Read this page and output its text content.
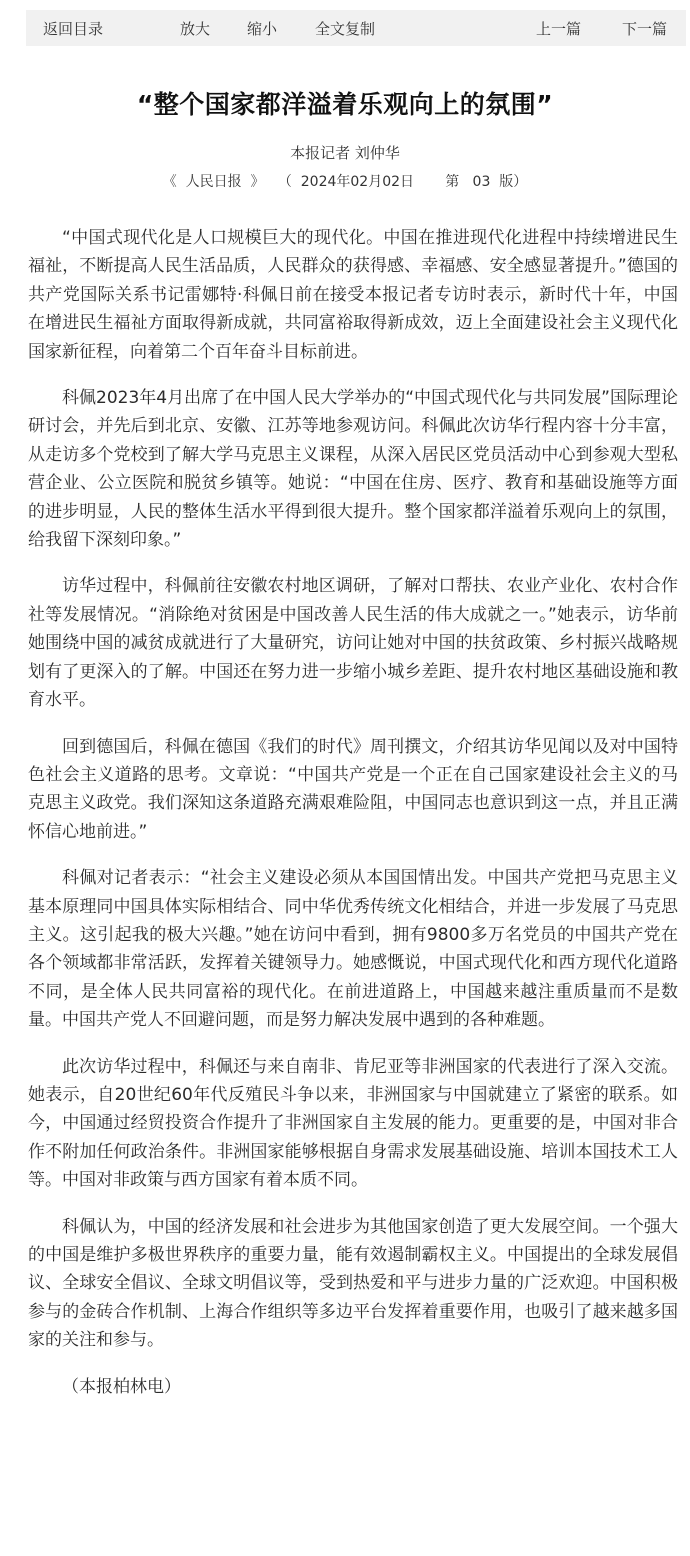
返回目录	放大 缩小	全文复制	上一篇	下一篇
“整个国家都洋溢着乐观向上的氛围”
本报记者 刘仲华
《  人民日报  》 （  2024年02月02日 第   03  版）

“中国式现代化是人口规模巨大的现代化。中国在推进现代化进程中持续增进民生福祉，不断提高人民生活品质，人民群众的获得感、幸福感、安全感显著提升。”德国的共产党国际关系书记雷娜特·科佩日前在接受本报记者专访时表示，新时代十年，中国在增进民生福祉方面取得新成就，共同富裕取得新成效，迈上全面建设社会主义现代化国家新征程，向着第二个百年奋斗目标前进。

科佩2023年4月出席了在中国人民大学举办的“中国式现代化与共同发展”国际理论研讨会，并先后到北京、安徽、江苏等地参观访问。科佩此次访华行程内容十分丰富，从走访多个党校到了解大学马克思主义课程，从深入居民区党员活动中心到参观大型私营企业、公立医院和脱贫乡镇等。她说：“中国在住房、医疗、教育和基础设施等方面的进步明显，人民的整体生活水平得到很大提升。整个国家都洋溢着乐观向上的氛围，给我留下深刻印象。”

访华过程中，科佩前往安徽农村地区调研，了解对口帮扶、农业产业化、农村合作社等发展情况。“消除绝对贫困是中国改善人民生活的伟大成就之一。”她表示，访华前她围绕中国的减贫成就进行了大量研究，访问让她对中国的扶贫政策、乡村振兴战略规划有了更深入的了解。中国还在努力进一步缩小城乡差距、提升农村地区基础设施和教育水平。

回到德国后，科佩在德国《我们的时代》周刊撰文，介绍其访华见闻以及对中国特色社会主义道路的思考。文章说：“中国共产党是一个正在自己国家建设社会主义的马克思主义政党。我们深知这条道路充满艰难险阻，中国同志也意识到这一点，并且正满怀信心地前进。”

科佩对记者表示：“社会主义建设必须从本国国情出发。中国共产党把马克思主义基本原理同中国具体实际相结合、同中华优秀传统文化相结合，并进一步发展了马克思主义。这引起我的极大兴趣。”她在访问中看到，拥有9800多万名党员的中国共产党在各个领域都非常活跃，发挥着关键领导力。她感慨说，中国式现代化和西方现代化道路不同，是全体人民共同富裕的现代化。在前进道路上，中国越来越注重质量而不是数量。中国共产党人不回避问题，而是努力解决发展中遇到的各种难题。

此次访华过程中，科佩还与来自南非、肯尼亚等非洲国家的代表进行了深入交流。她表示，自20世纪60年代反殖民斗争以来，非洲国家与中国就建立了紧密的联系。如今，中国通过经贸投资合作提升了非洲国家自主发展的能力。更重要的是，中国对非合作不附加任何政治条件。非洲国家能够根据自身需求发展基础设施、培训本国技术工人等。中国对非政策与西方国家有着本质不同。

科佩认为，中国的经济发展和社会进步为其他国家创造了更大发展空间。一个强大的中国是维护多极世界秩序的重要力量，能有效遏制霸权主义。中国提出的全球发展倡议、全球安全倡议、全球文明倡议等，受到热爱和平与进步力量的广泛欢迎。中国积极参与的金砖合作机制、上海合作组织等多边平台发挥着重要作用，也吸引了越来越多国家的关注和参与。

（本报柏林电）
